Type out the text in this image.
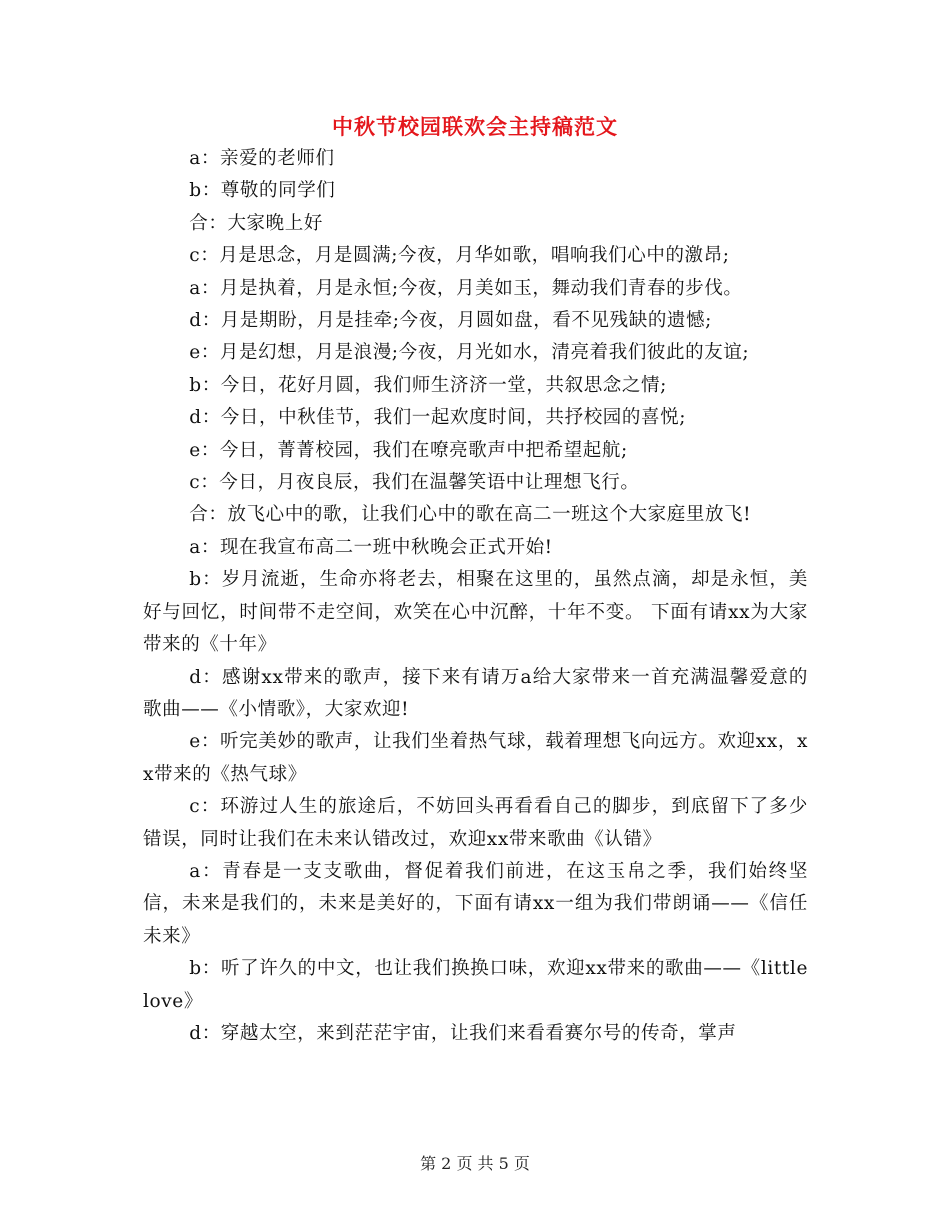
中秋节校园联欢会主持稿范文

a：亲爱的老师们

b：尊敬的同学们

合：大家晚上好

c：月是思念，月是圆满;今夜，月华如歌，唱响我们心中的激昂;

a：月是执着，月是永恒;今夜，月美如玉，舞动我们青春的步伐。

d：月是期盼，月是挂牵;今夜，月圆如盘，看不见残缺的遗憾;

e：月是幻想，月是浪漫;今夜，月光如水，清亮着我们彼此的友谊;

b：今日，花好月圆，我们师生济济一堂，共叙思念之情;

d：今日，中秋佳节，我们一起欢度时间，共抒校园的喜悦;

e：今日，菁菁校园，我们在嘹亮歌声中把希望起航;

c：今日，月夜良辰，我们在温馨笑语中让理想飞行。

合：放飞心中的歌，让我们心中的歌在高二一班这个大家庭里放飞!

a：现在我宣布高二一班中秋晚会正式开始!

b：岁月流逝，生命亦将老去，相聚在这里的，虽然点滴，却是永恒，美好与回忆，时间带不走空间，欢笑在心中沉醉，十年不变。 下面有请xx为大家带来的《十年》

d：感谢xx带来的歌声，接下来有请万a给大家带来一首充满温馨爱意的歌曲——《小情歌》，大家欢迎!

e：听完美妙的歌声，让我们坐着热气球，载着理想飞向远方。欢迎xx，xx带来的《热气球》

c：环游过人生的旅途后，不妨回头再看看自己的脚步，到底留下了多少错误，同时让我们在未来认错改过，欢迎xx带来歌曲《认错》

a：青春是一支支歌曲，督促着我们前进，在这玉帛之季，我们始终坚信，未来是我们的，未来是美好的，下面有请xx一组为我们带朗诵——《信任未来》

b：听了许久的中文，也让我们换换口味，欢迎xx带来的歌曲——《little love》

d：穿越太空，来到茫茫宇宙，让我们来看看赛尔号的传奇，掌声

第 2 页 共 5 页
